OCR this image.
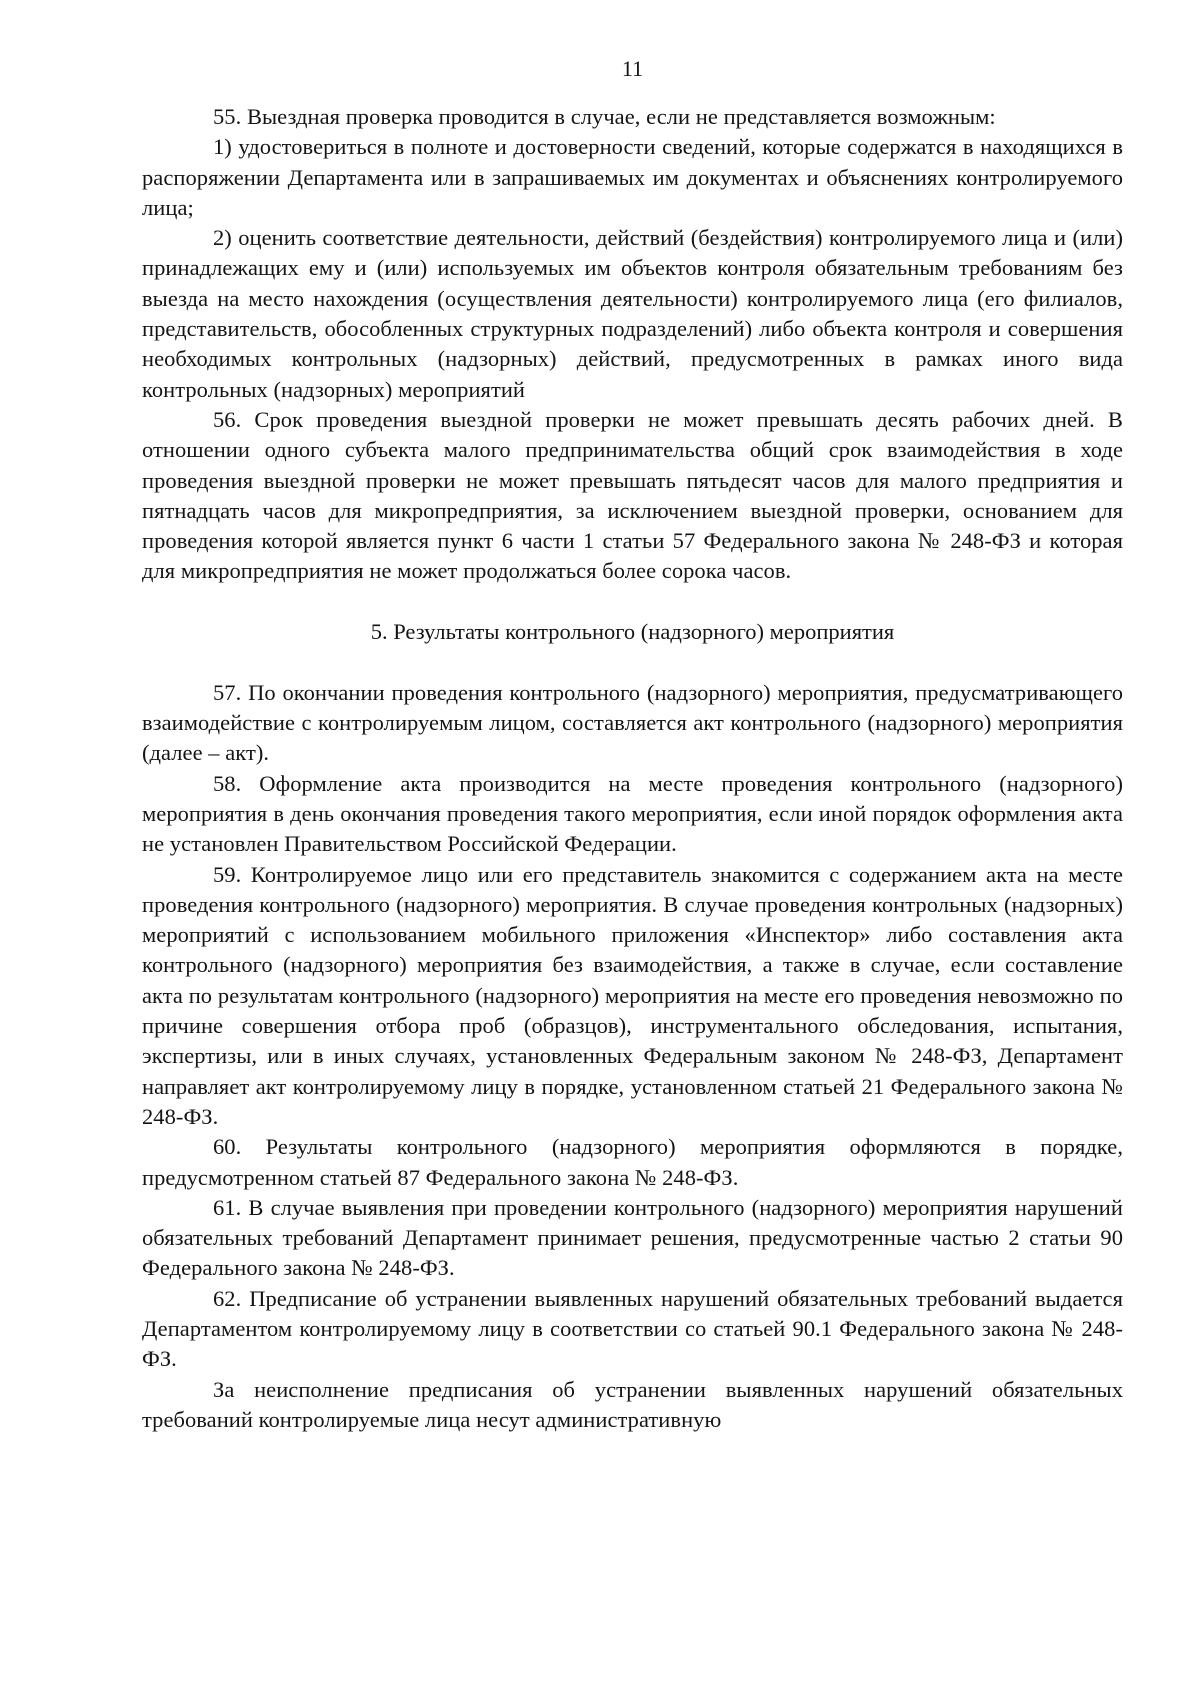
11

55. Выездная проверка проводится в случае, если не представляется возможным:

1) удостовериться в полноте и достоверности сведений, которые содержатся в находящихся в распоряжении Департамента или в запрашиваемых им документах и объяснениях контролируемого лица;

2) оценить соответствие деятельности, действий (бездействия) контролируемого лица и (или) принадлежащих ему и (или) используемых им объектов контроля обязательным требованиям без выезда на место нахождения (осуществления деятельности) контролируемого лица (его филиалов, представительств, обособленных структурных подразделений) либо объекта контроля и совершения необходимых контрольных (надзорных) действий, предусмотренных в рамках иного вида контрольных (надзорных) мероприятий

56. Срок проведения выездной проверки не может превышать десять рабочих дней. В отношении одного субъекта малого предпринимательства общий срок взаимодействия в ходе проведения выездной проверки не может превышать пятьдесят часов для малого предприятия и пятнадцать часов для микропредприятия, за исключением выездной проверки, основанием для проведения которой является пункт 6 части 1 статьи 57 Федерального закона № 248-ФЗ и которая для микропредприятия не может продолжаться более сорока часов.

5. Результаты контрольного (надзорного) мероприятия

57. По окончании проведения контрольного (надзорного) мероприятия, предусматривающего взаимодействие с контролируемым лицом, составляется акт контрольного (надзорного) мероприятия (далее – акт).

58. Оформление акта производится на месте проведения контрольного (надзорного) мероприятия в день окончания проведения такого мероприятия, если иной порядок оформления акта не установлен Правительством Российской Федерации.

59. Контролируемое лицо или его представитель знакомится с содержанием акта на месте проведения контрольного (надзорного) мероприятия. В случае проведения контрольных (надзорных) мероприятий с использованием мобильного приложения «Инспектор» либо составления акта контрольного (надзорного) мероприятия без взаимодействия, а также в случае, если составление акта по результатам контрольного (надзорного) мероприятия на месте его проведения невозможно по причине совершения отбора проб (образцов), инструментального обследования, испытания, экспертизы, или в иных случаях, установленных Федеральным законом № 248-ФЗ, Департамент направляет акт контролируемому лицу в порядке, установленном статьей 21 Федерального закона № 248-ФЗ.

60. Результаты контрольного (надзорного) мероприятия оформляются в порядке, предусмотренном статьей 87 Федерального закона № 248-ФЗ.

61. В случае выявления при проведении контрольного (надзорного) мероприятия нарушений обязательных требований Департамент принимает решения, предусмотренные частью 2 статьи 90 Федерального закона № 248-ФЗ.

62. Предписание об устранении выявленных нарушений обязательных требований выдается Департаментом контролируемому лицу в соответствии со статьей 90.1 Федерального закона № 248-ФЗ.

За неисполнение предписания об устранении выявленных нарушений обязательных требований контролируемые лица несут административную
